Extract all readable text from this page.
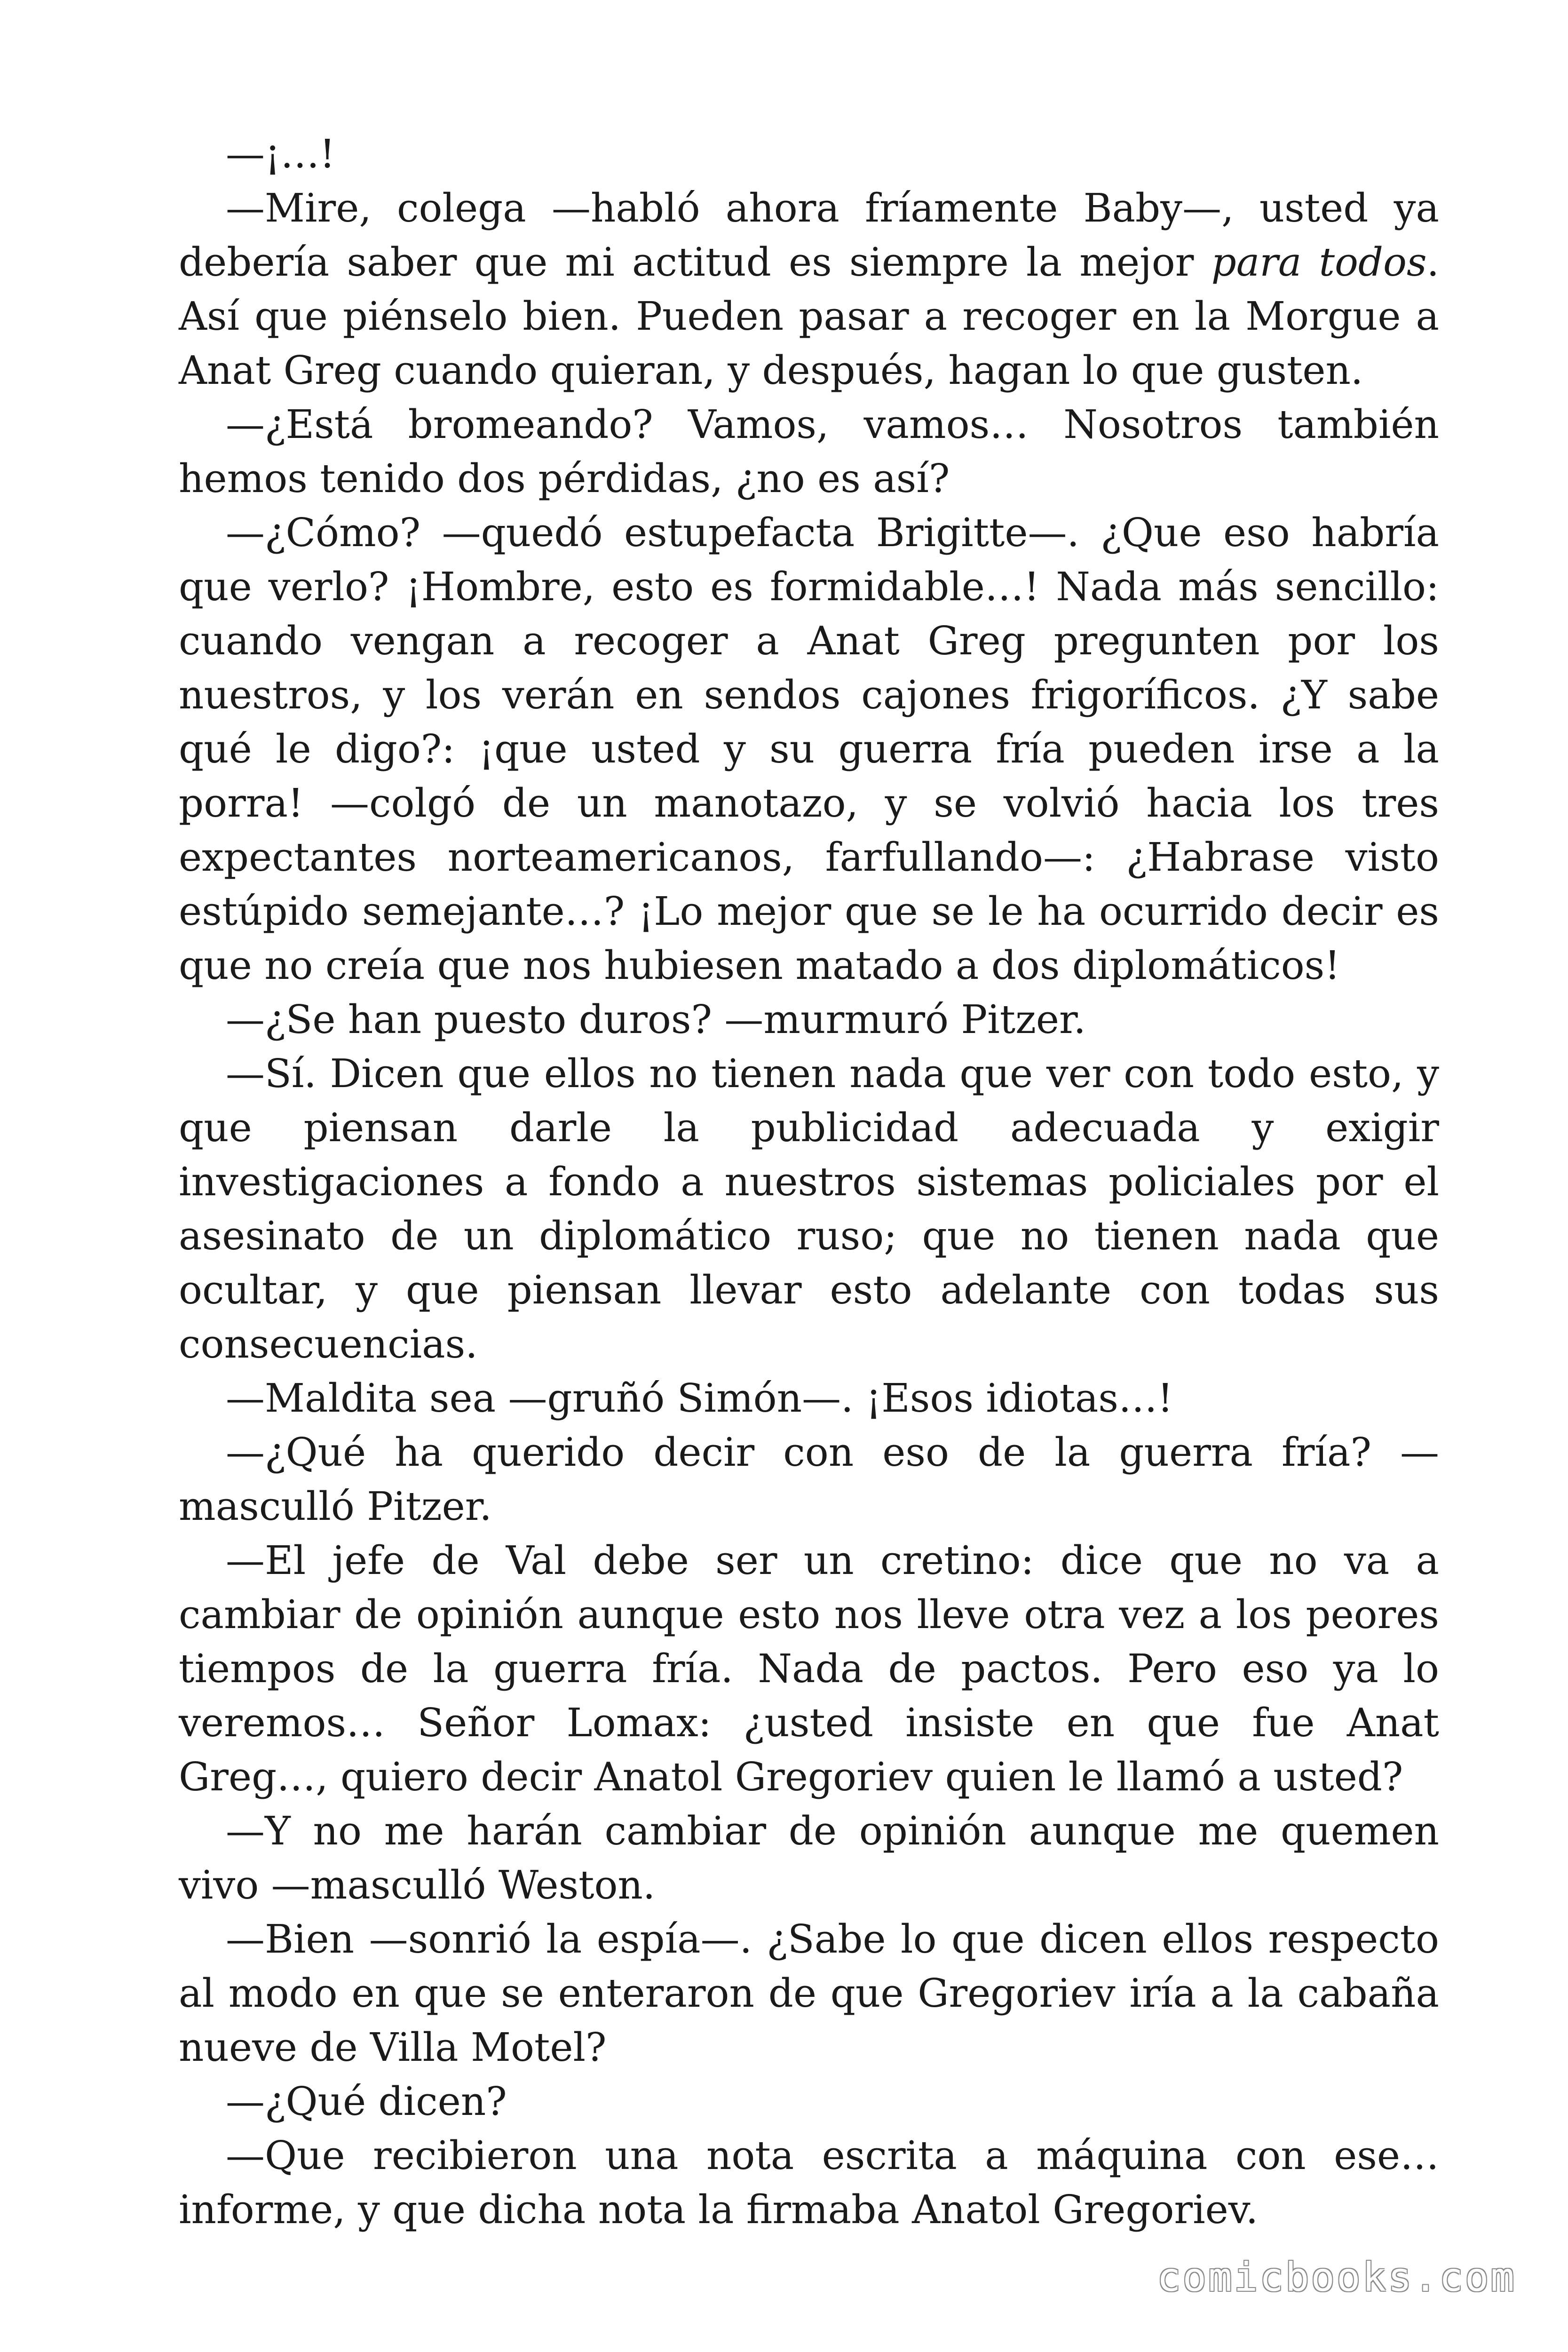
—¡…!

—Mire, colega —habló ahora fríamente Baby—, usted ya debería saber que mi actitud es siempre la mejor para todos. Así que piénselo bien. Pueden pasar a recoger en la Morgue a Anat Greg cuando quieran, y después, hagan lo que gusten.

—¿Está bromeando? Vamos, vamos… Nosotros también hemos tenido dos pérdidas, ¿no es así?

—¿Cómo? —quedó estupefacta Brigitte—. ¿Que eso habría que verlo? ¡Hombre, esto es formidable…! Nada más sencillo: cuando vengan a recoger a Anat Greg pregunten por los nuestros, y los verán en sendos cajones frigoríficos. ¿Y sabe qué le digo?: ¡que usted y su guerra fría pueden irse a la porra! —colgó de un manotazo, y se volvió hacia los tres expectantes norteamericanos, farfullando—: ¿Habrase visto estúpido semejante…? ¡Lo mejor que se le ha ocurrido decir es que no creía que nos hubiesen matado a dos diplomáticos!

—¿Se han puesto duros? —murmuró Pitzer.

—Sí. Dicen que ellos no tienen nada que ver con todo esto, y que piensan darle la publicidad adecuada y exigir investigaciones a fondo a nuestros sistemas policiales por el asesinato de un diplomático ruso; que no tienen nada que ocultar, y que piensan llevar esto adelante con todas sus consecuencias.

—Maldita sea —gruñó Simón—. ¡Esos idiotas…!

—¿Qué ha querido decir con eso de la guerra fría? —masculló Pitzer.

—El jefe de Val debe ser un cretino: dice que no va a cambiar de opinión aunque esto nos lleve otra vez a los peores tiempos de la guerra fría. Nada de pactos. Pero eso ya lo veremos… Señor Lomax: ¿usted insiste en que fue Anat Greg…, quiero decir Anatol Gregoriev quien le llamó a usted?

—Y no me harán cambiar de opinión aunque me quemen vivo —masculló Weston.

—Bien —sonrió la espía—. ¿Sabe lo que dicen ellos respecto al modo en que se enteraron de que Gregoriev iría a la cabaña nueve de Villa Motel?

—¿Qué dicen?

—Que recibieron una nota escrita a máquina con ese… informe, y que dicha nota la firmaba Anatol Gregoriev.

comicbooks.com
